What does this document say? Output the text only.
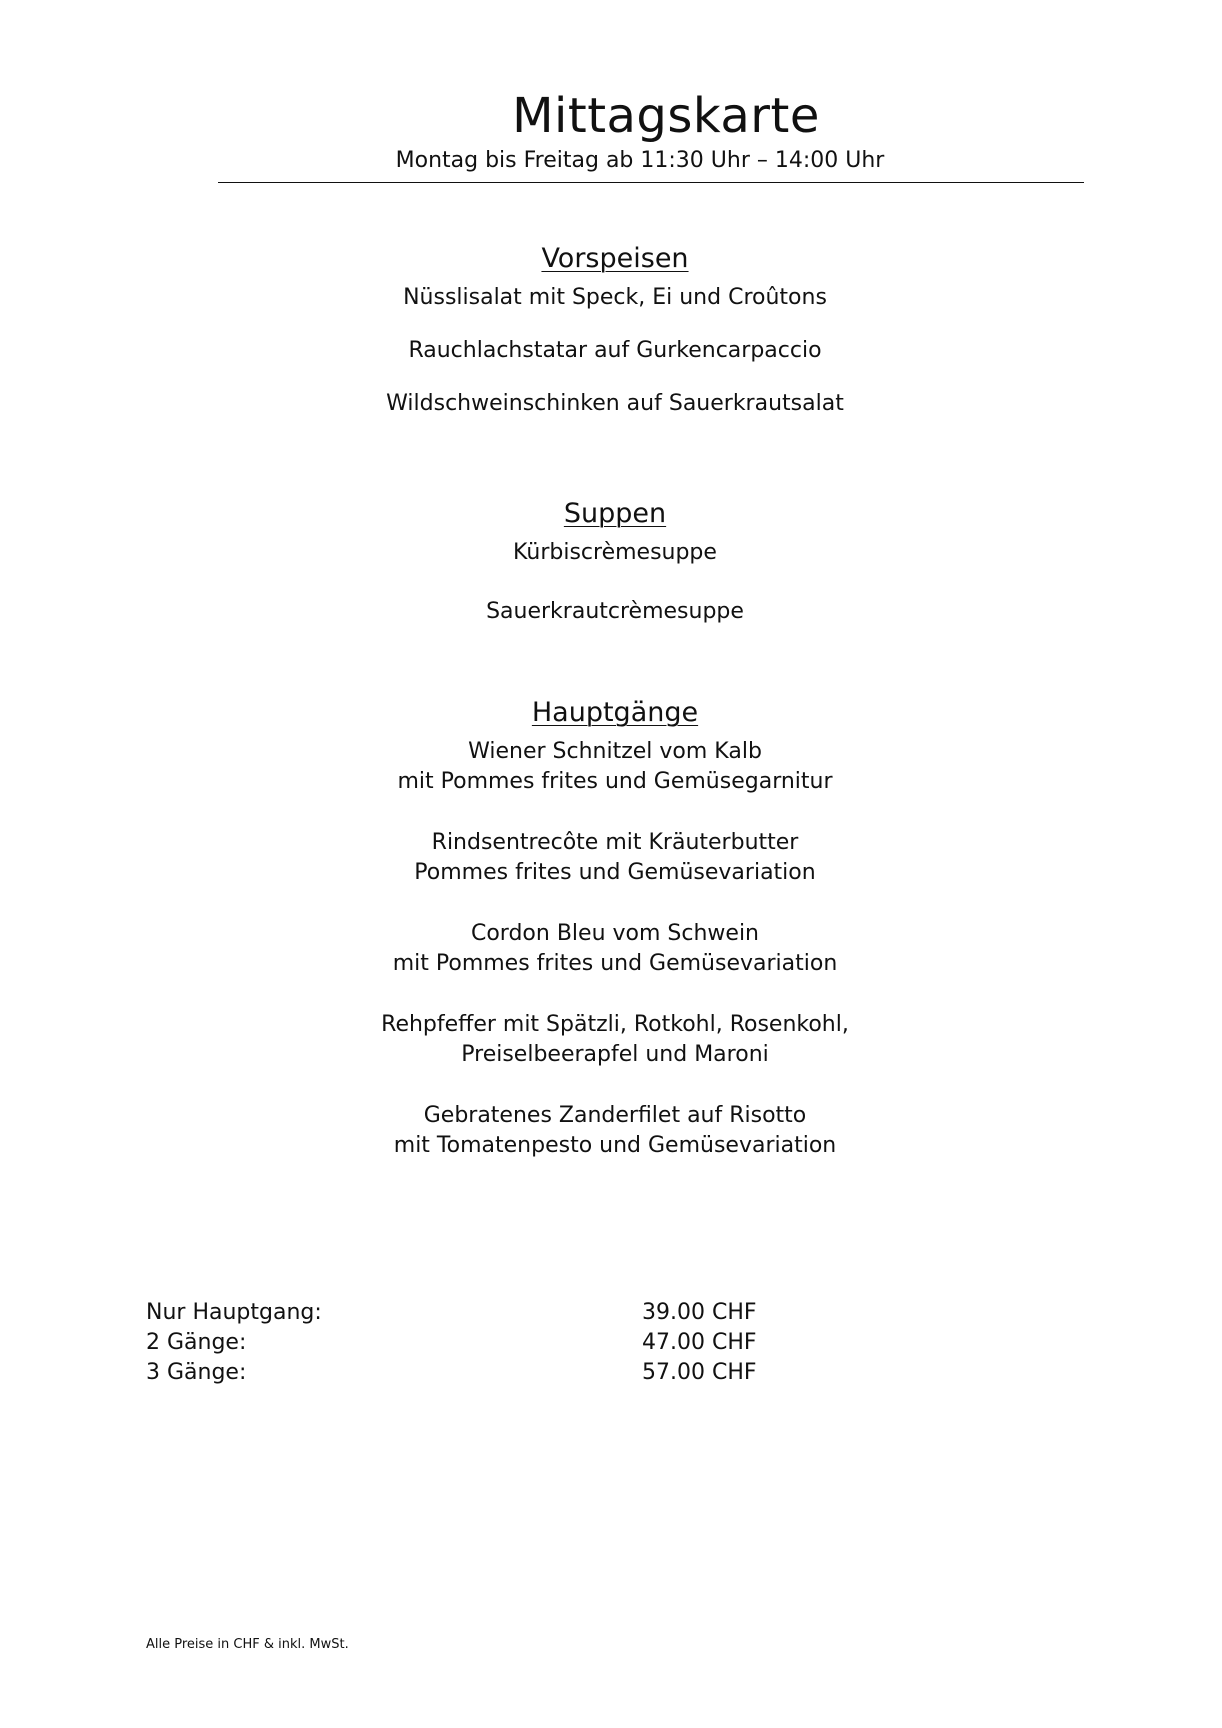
Mittagskarte
Montag bis Freitag ab 11:30 Uhr – 14:00 Uhr
Vorspeisen
Nüsslisalat mit Speck, Ei und Croûtons
Rauchlachstatar auf Gurkencarpaccio
Wildschweinschinken auf Sauerkrautsalat
Suppen
Kürbiscrèmesuppe
Sauerkrautcrèmesuppe
Hauptgänge
Wiener Schnitzel vom Kalb
mit Pommes frites und Gemüsegarnitur
Rindsentrecôte mit Kräuterbutter
Pommes frites und Gemüsevariation
Cordon Bleu vom Schwein
mit Pommes frites und Gemüsevariation
Rehpfeffer mit Spätzli, Rotkohl, Rosenkohl,
Preiselbeerapfel und Maroni
Gebratenes Zanderfilet auf Risotto
mit Tomatenpesto und Gemüsevariation
Nur Hauptgang:	39.00 CHF
2 Gänge:	47.00 CHF
3 Gänge:	57.00 CHF
Alle Preise in CHF & inkl. MwSt.
